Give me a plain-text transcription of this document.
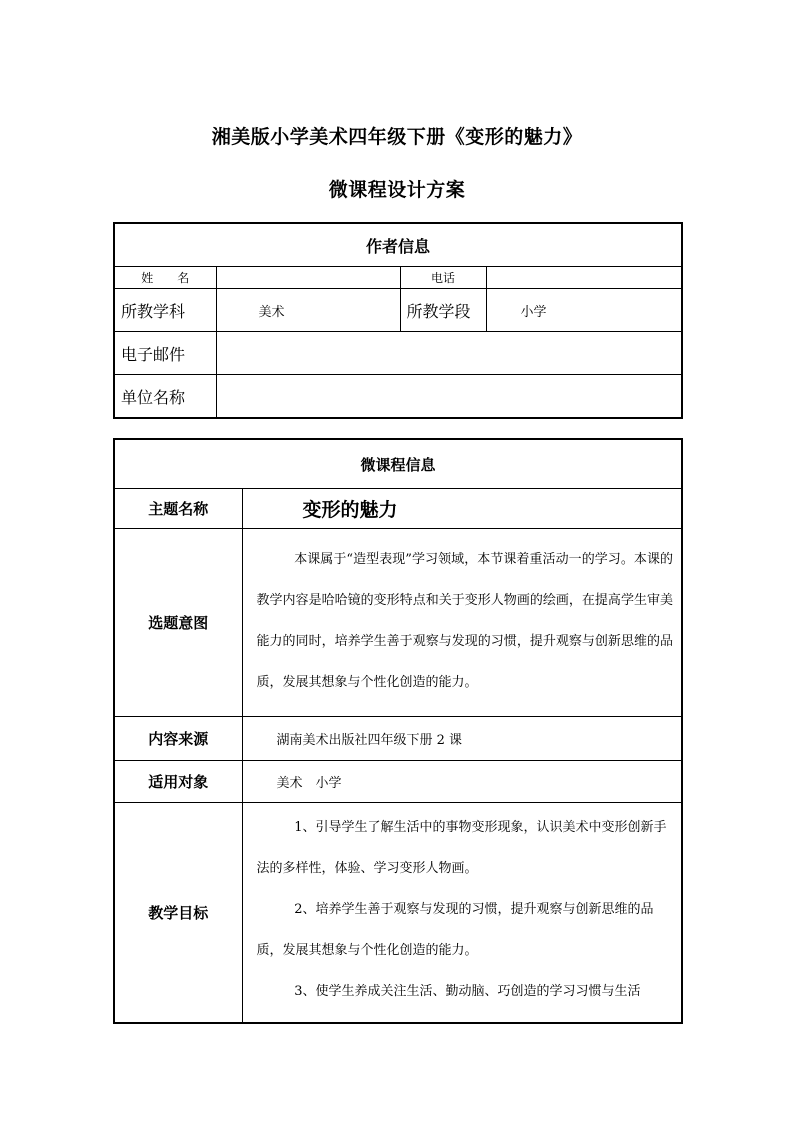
湘美版小学美术四年级下册《变形的魅力》
微课程设计方案
作者信息			
姓　　名		电话	
所教学科	美术	所教学段	小学
电子邮件			
单位名称			
微课程信息	
主题名称	变形的魅力
选题意图	本课属于“造型表现”学习领域，本节课着重活动一的学习。本课的教学内容是哈哈镜的变形特点和关于变形人物画的绘画，在提高学生审美能力的同时，培养学生善于观察与发现的习惯，提升观察与创新思维的品质，发展其想象与个性化创造的能力。
内容来源	湖南美术出版社四年级下册 2 课
适用对象	美术　小学
教学目标	1、引导学生了解生活中的事物变形现象，认识美术中变形创新手法的多样性，体验、学习变形人物画。

2、培养学生善于观察与发现的习惯，提升观察与创新思维的品质，发展其想象与个性化创造的能力。

3、使学生养成关注生活、勤动脑、巧创造的学习习惯与生活
